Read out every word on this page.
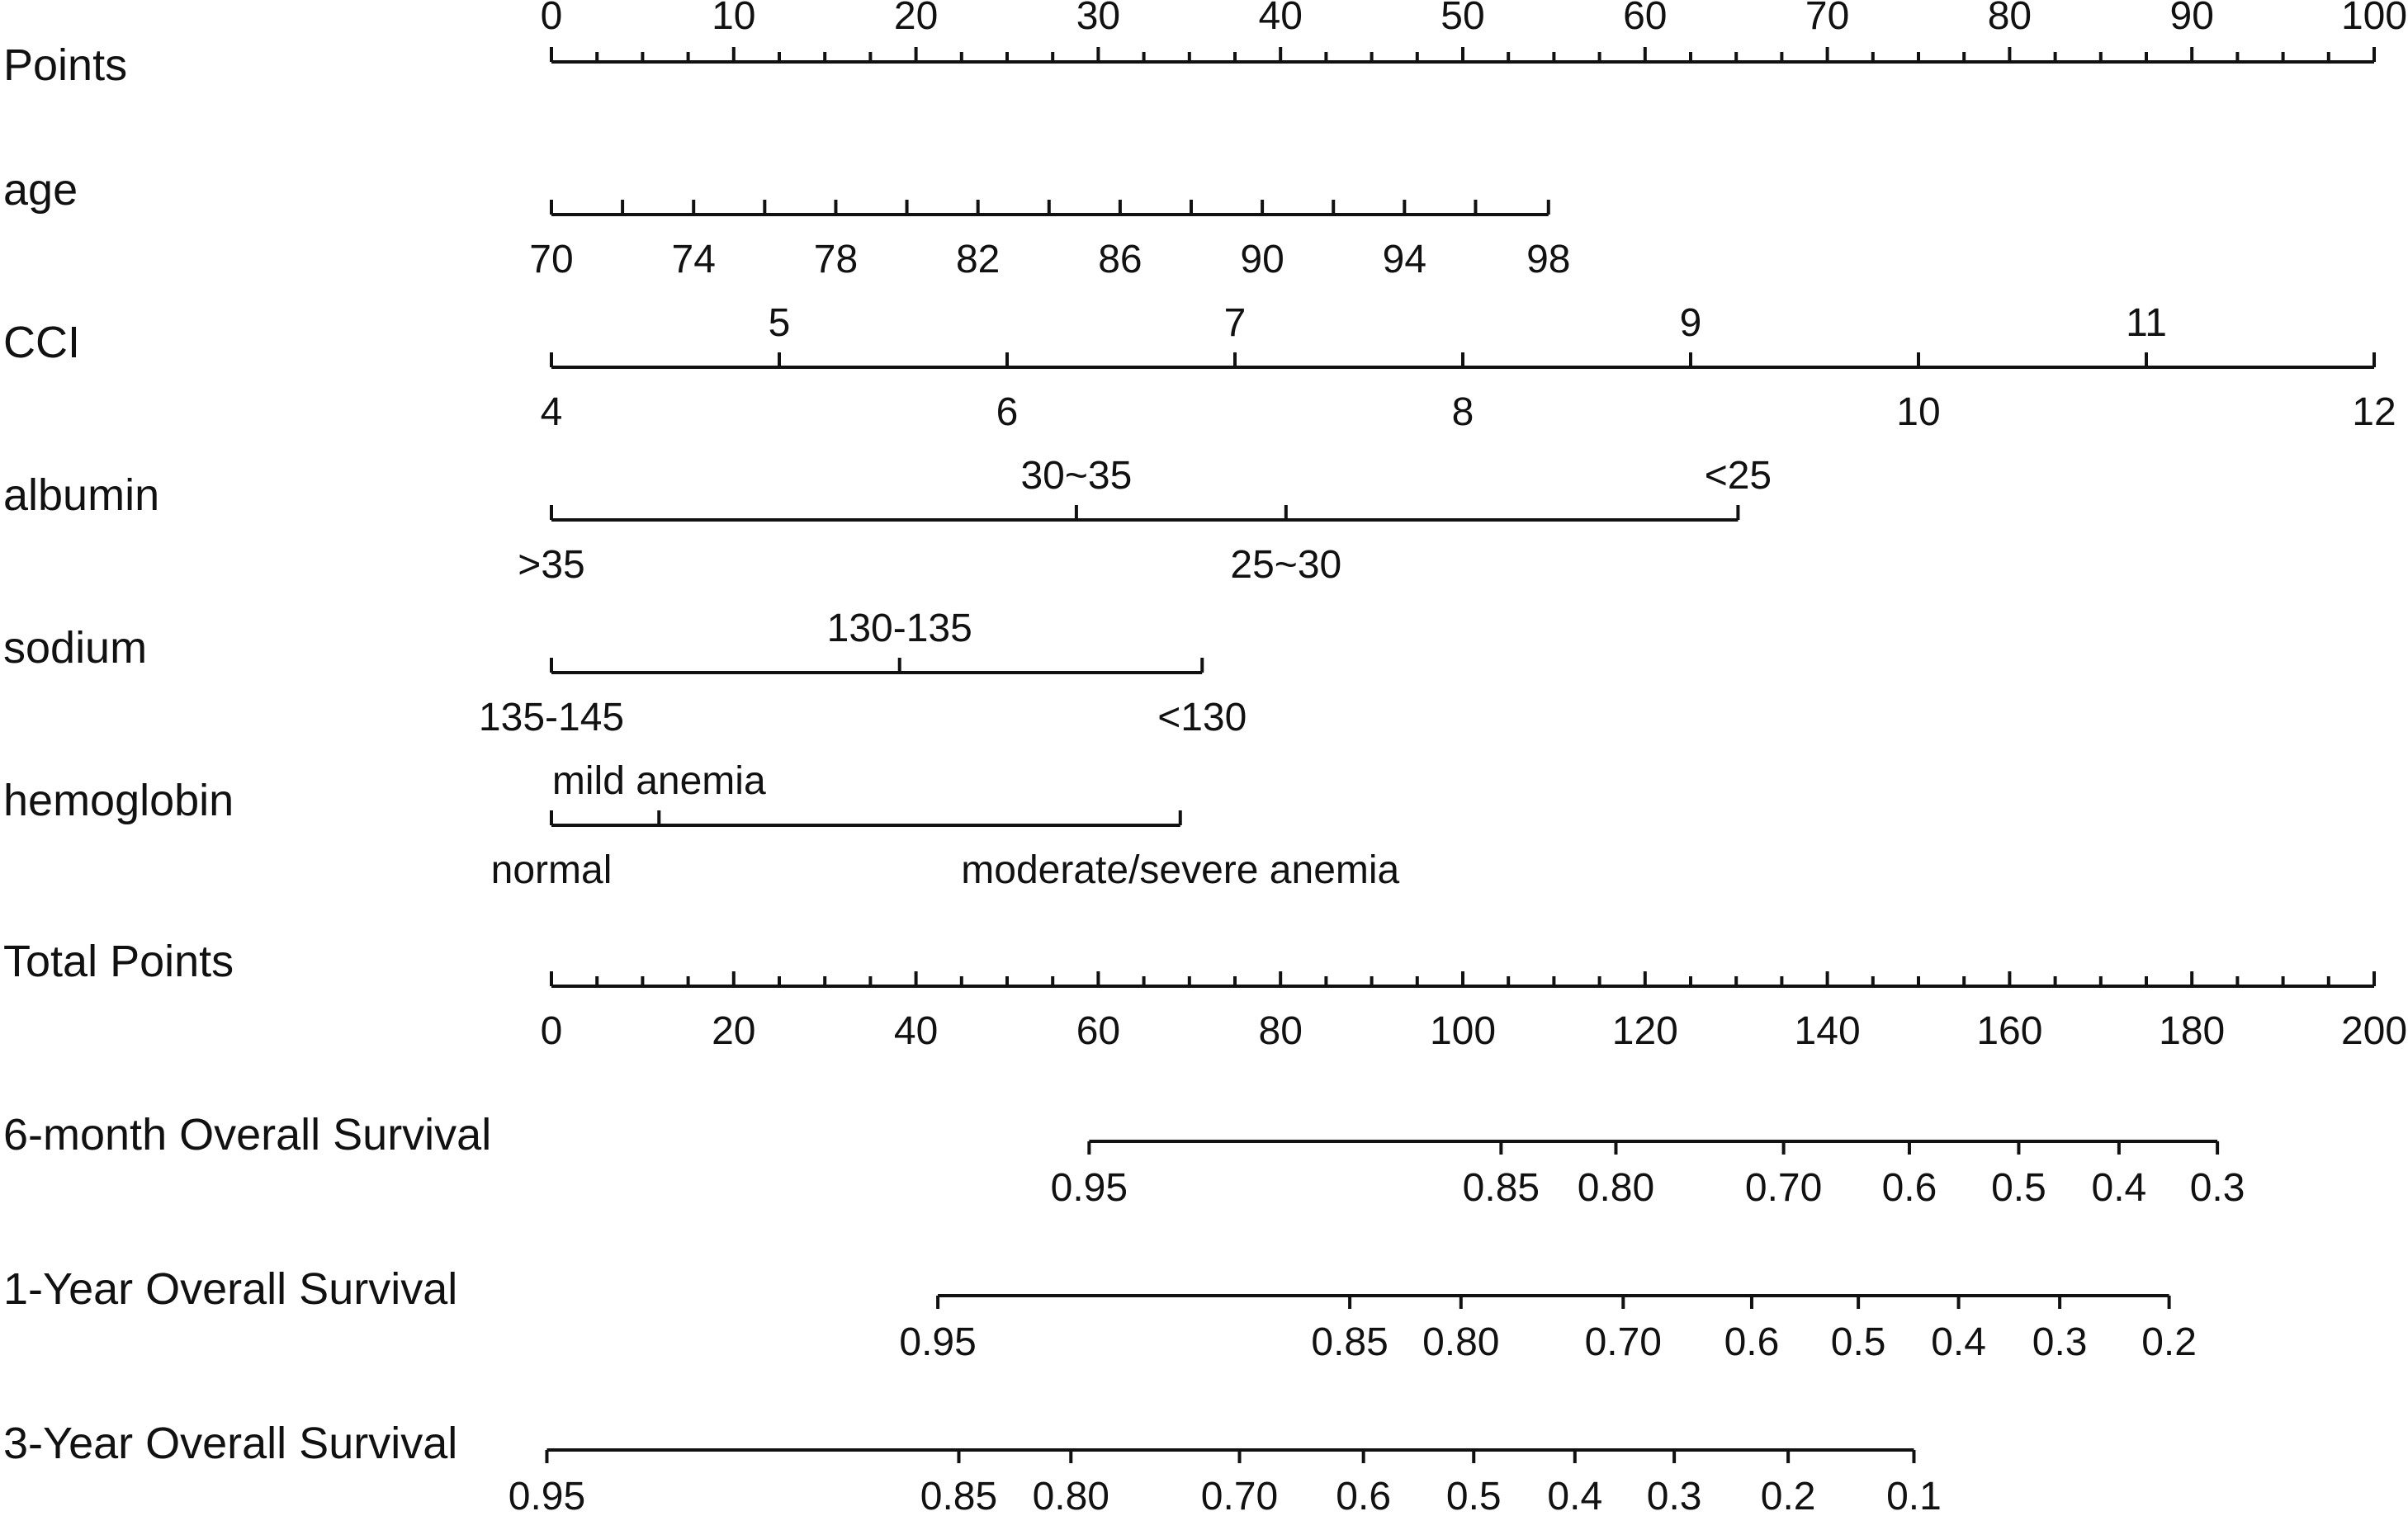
Points
0	10	20	30	40	50	60	70	80	90	100
age
70 74 78 82 86 90 94	98
CCI
4
5
6
7
8
9
10
11
12
albumin
>35
30~35
25~30
<25
sodium
135-145
130-135
<130
hemoglobin
normal
mild anemia
moderate/severe anemia
Total Points
0	20	40	60	80	100	120	140	160	180	200
6-month Overall Survival
0.95	0.85 0.80 0.70 0.6 0.5 0.4 0.3
1-Year Overall Survival
0.95	0.85 0.80 0.70 0.6 0.5 0.4 0.3 0.2
3-Year Overall Survival
0.95	0.85 0.80 0.70 0.6 0.5 0.4 0.3 0.2 0.1
